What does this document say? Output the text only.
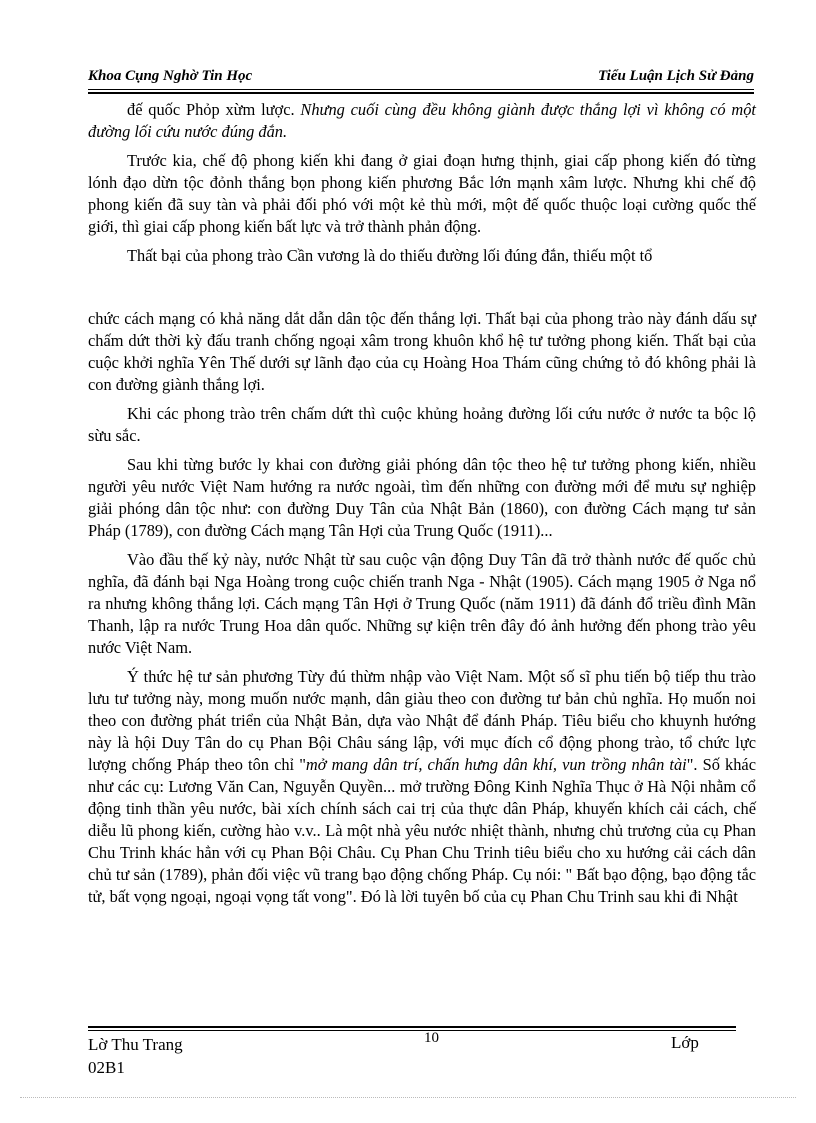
Khoa Cụng Nghờ Tin Học	Tiểu Luận Lịch Sử Đảng

đế quốc Phỏp xừm lược. Nhưng cuối cùng đều không giành được thắng lợi vì không có một đường lối cứu nước đúng đắn.

Trước kia, chế độ phong kiến khi đang ở giai đoạn hưng thịnh, giai cấp phong kiến đó từng lónh đạo dừn tộc đỏnh thắng bọn phong kiến phương Bắc lớn mạnh xâm lược. Nhưng khi chế độ phong kiến đã suy tàn và phải đối phó với một kẻ thù mới, một đế quốc thuộc loại cường quốc thế giới, thì giai cấp phong kiến bất lực và trở thành phản động.

Thất bại của phong trào Cần vương là do thiếu đường lối đúng đắn, thiếu một tổ

chức cách mạng có khả năng dắt dẫn dân tộc đến thắng lợi. Thất bại của phong trào này đánh dấu sự chấm dứt thời kỳ đấu tranh chống ngoại xâm trong khuôn khổ hệ tư tưởng phong kiến. Thất bại của cuộc khởi nghĩa Yên Thế dưới sự lãnh đạo của cụ Hoàng Hoa Thám cũng chứng tỏ đó không phải là con đường giành thắng lợi.

Khi các phong trào trên chấm dứt thì cuộc khủng hoảng đường lối cứu nước ở nước ta bộc lộ sừu sắc.

Sau khi từng bước ly khai con đường giải phóng dân tộc theo hệ tư tưởng phong kiến, nhiều người yêu nước Việt Nam hướng ra nước ngoài, tìm đến những con đường mới để mưu sự nghiệp giải phóng dân tộc như: con đường Duy Tân của Nhật Bản (1860), con đường Cách mạng tư sản Pháp (1789), con đường Cách mạng Tân Hợi của Trung Quốc (1911)...

Vào đầu thế kỷ này, nước Nhật từ sau cuộc vận động Duy Tân đã trở thành nước đế quốc chủ nghĩa, đã đánh bại Nga Hoàng trong cuộc chiến tranh Nga - Nhật (1905). Cách mạng 1905 ở Nga nổ ra nhưng không thắng lợi. Cách mạng Tân Hợi ở Trung Quốc (năm 1911) đã đánh đổ triều đình Mãn Thanh, lập ra nước Trung Hoa dân quốc. Những sự kiện trên đây đó ảnh hưởng đến phong trào yêu nước Việt Nam.

Ý thức hệ tư sản phương Từy đú thừm nhập vào Việt Nam. Một số sĩ phu tiến bộ tiếp thu trào lưu tư tưởng này, mong muốn nước mạnh, dân giàu theo con đường tư bản chủ nghĩa. Họ muốn noi theo con đường phát triển của Nhật Bản, dựa vào Nhật để đánh Pháp. Tiêu biểu cho khuynh hướng này là hội Duy Tân do cụ Phan Bội Châu sáng lập, với mục đích cổ động phong trào, tổ chức lực lượng chống Pháp theo tôn chỉ "mở mang dân trí, chấn hưng dân khí, vun trồng nhân tài". Số khác như các cụ: Lương Văn Can, Nguyễn Quyền... mở trường Đông Kinh Nghĩa Thục ở Hà Nội nhằm cổ động tinh thần yêu nước, bài xích chính sách cai trị của thực dân Pháp, khuyến khích cải cách, chế diễu lũ phong kiến, cường hào v.v.. Là một nhà yêu nước nhiệt thành, nhưng chủ trương của cụ Phan Chu Trinh khác hẳn với cụ Phan Bội Châu. Cụ Phan Chu Trinh tiêu biểu cho xu hướng cải cách dân chủ tư sản (1789), phản đối việc vũ trang bạo động chống Pháp. Cụ nói: " Bất bạo động, bạo động tắc tử, bất vọng ngoại, ngoại vọng tất vong". Đó là lời tuyên bố của cụ Phan Chu Trinh sau khi đi Nhật

Lờ Thu Trang	10	Lớp
02B1
